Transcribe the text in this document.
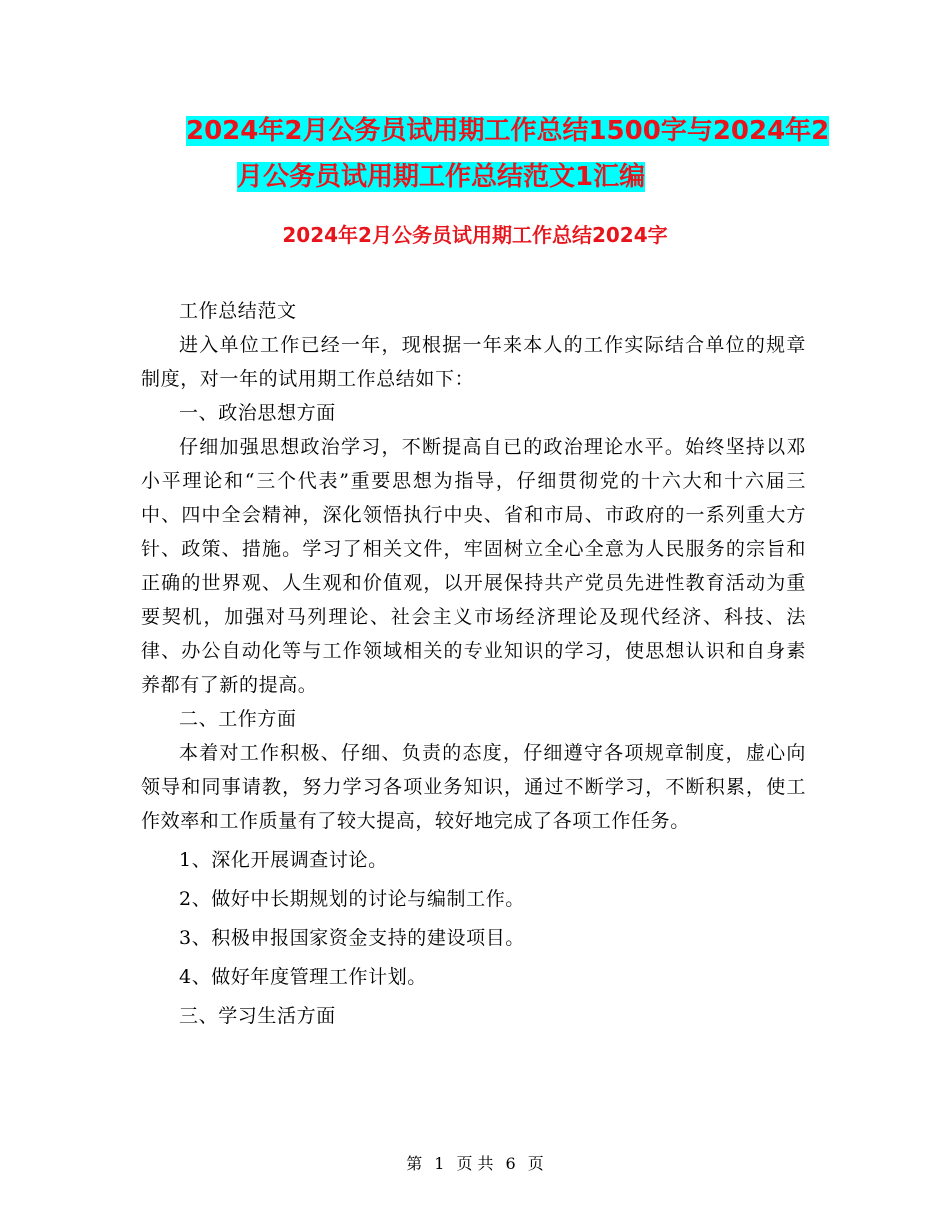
2024年2月公务员试用期工作总结1500字与2024年2
月公务员试用期工作总结范文1汇编
2024年2月公务员试用期工作总结2024字

工作总结范文

进入单位工作已经一年，现根据一年来本人的工作实际结合单位的规章制度，对一年的试用期工作总结如下：

一、政治思想方面

仔细加强思想政治学习，不断提高自已的政治理论水平。始终坚持以邓小平理论和“三个代表”重要思想为指导，仔细贯彻党的十六大和十六届三中、四中全会精神，深化领悟执行中央、省和市局、市政府的一系列重大方针、政策、措施。学习了相关文件，牢固树立全心全意为人民服务的宗旨和正确的世界观、人生观和价值观，以开展保持共产党员先进性教育活动为重要契机，加强对马列理论、社会主义市场经济理论及现代经济、科技、法律、办公自动化等与工作领域相关的专业知识的学习，使思想认识和自身素养都有了新的提高。

二、工作方面

本着对工作积极、仔细、负责的态度，仔细遵守各项规章制度，虚心向领导和同事请教，努力学习各项业务知识，通过不断学习，不断积累，使工作效率和工作质量有了较大提高，较好地完成了各项工作任务。

1、深化开展调查讨论。

2、做好中长期规划的讨论与编制工作。

3、积极申报国家资金支持的建设项目。

4、做好年度管理工作计划。

三、学习生活方面

第 1 页 共 6 页
